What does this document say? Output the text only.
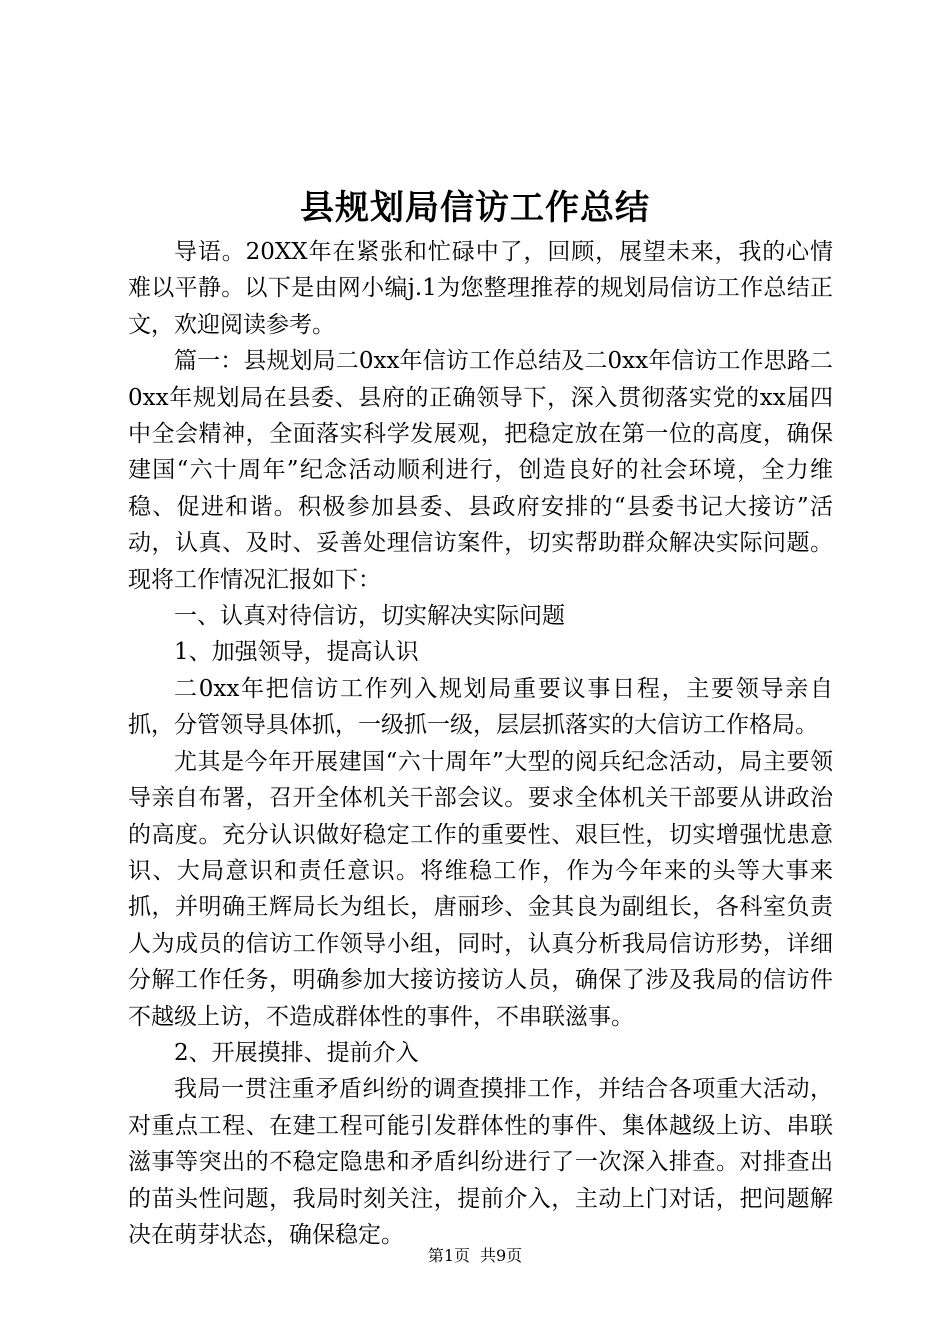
县规划局信访工作总结

导语。20XX年在紧张和忙碌中了，回顾，展望未来，我的心情难以平静。以下是由网小编j.1为您整理推荐的规划局信访工作总结正文，欢迎阅读参考。

篇一：县规划局二0xx年信访工作总结及二0xx年信访工作思路二0xx年规划局在县委、县府的正确领导下，深入贯彻落实党的xx届四中全会精神，全面落实科学发展观，把稳定放在第一位的高度，确保建国“六十周年”纪念活动顺利进行，创造良好的社会环境，全力维稳、促进和谐。积极参加县委、县政府安排的“县委书记大接访”活动，认真、及时、妥善处理信访案件，切实帮助群众解决实际问题。现将工作情况汇报如下：

一、认真对待信访，切实解决实际问题

1、加强领导，提高认识

二0xx年把信访工作列入规划局重要议事日程，主要领导亲自抓，分管领导具体抓，一级抓一级，层层抓落实的大信访工作格局。

尤其是今年开展建国“六十周年”大型的阅兵纪念活动，局主要领导亲自布署，召开全体机关干部会议。要求全体机关干部要从讲政治的高度。充分认识做好稳定工作的重要性、艰巨性，切实增强忧患意识、大局意识和责任意识。将维稳工作，作为今年来的头等大事来抓，并明确王辉局长为组长，唐丽珍、金其良为副组长，各科室负责人为成员的信访工作领导小组，同时，认真分析我局信访形势，详细分解工作任务，明确参加大接访接访人员，确保了涉及我局的信访件不越级上访，不造成群体性的事件，不串联滋事。

2、开展摸排、提前介入

我局一贯注重矛盾纠纷的调查摸排工作，并结合各项重大活动，对重点工程、在建工程可能引发群体性的事件、集体越级上访、串联滋事等突出的不稳定隐患和矛盾纠纷进行了一次深入排查。对排查出的苗头性问题，我局时刻关注，提前介入，主动上门对话，把问题解决在萌芽状态，确保稳定。

第1页 共9页
